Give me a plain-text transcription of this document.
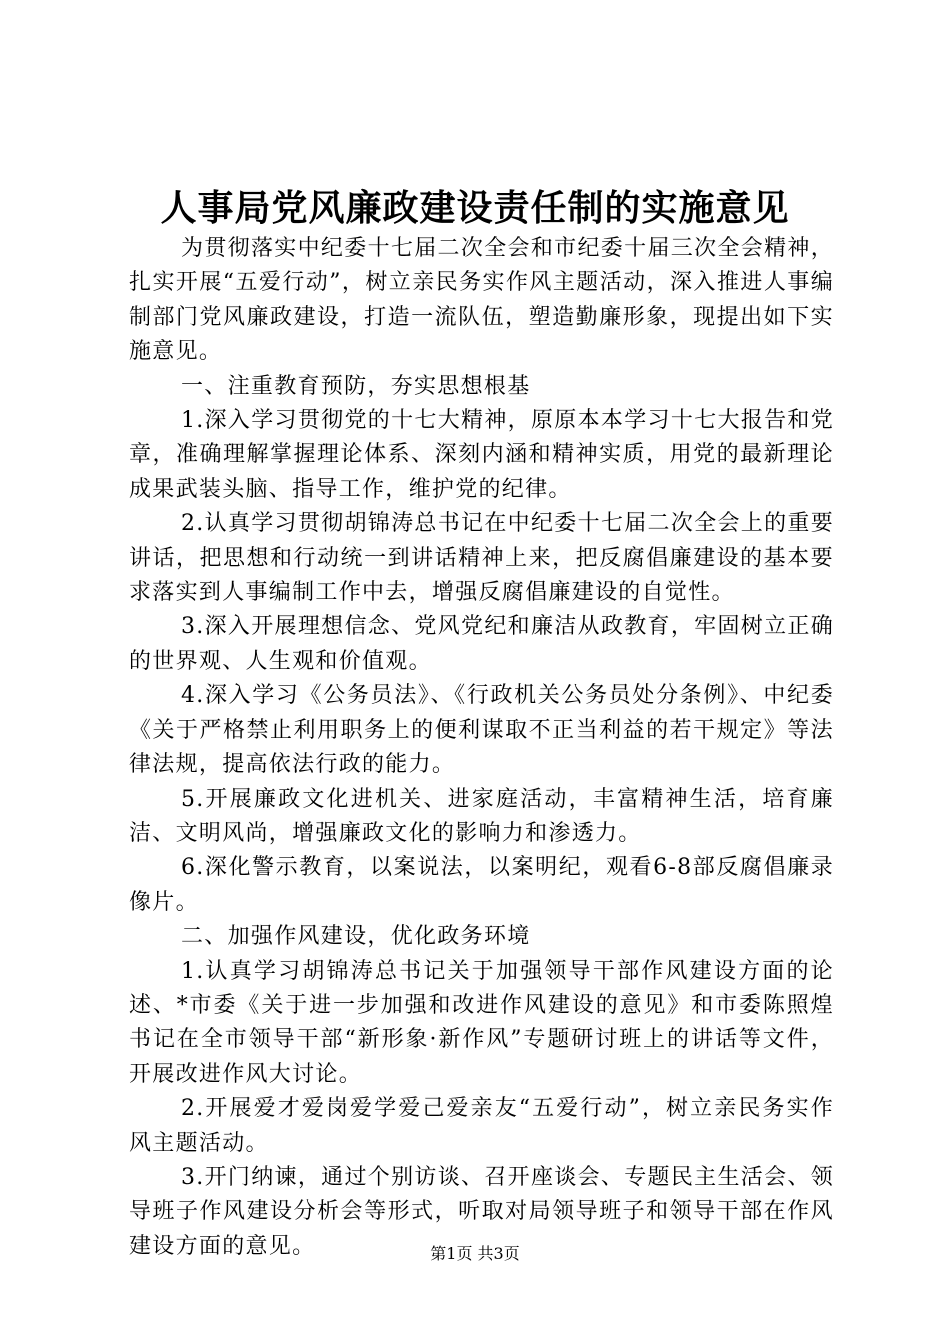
人事局党风廉政建设责任制的实施意见

为贯彻落实中纪委十七届二次全会和市纪委十届三次全会精神，扎实开展“五爱行动”，树立亲民务实作风主题活动，深入推进人事编制部门党风廉政建设，打造一流队伍，塑造勤廉形象，现提出如下实施意见。

一、注重教育预防，夯实思想根基

1.深入学习贯彻党的十七大精神，原原本本学习十七大报告和党章，准确理解掌握理论体系、深刻内涵和精神实质，用党的最新理论成果武装头脑、指导工作，维护党的纪律。

2.认真学习贯彻胡锦涛总书记在中纪委十七届二次全会上的重要讲话，把思想和行动统一到讲话精神上来，把反腐倡廉建设的基本要求落实到人事编制工作中去，增强反腐倡廉建设的自觉性。

3.深入开展理想信念、党风党纪和廉洁从政教育，牢固树立正确的世界观、人生观和价值观。

4.深入学习《公务员法》、《行政机关公务员处分条例》、中纪委《关于严格禁止利用职务上的便利谋取不正当利益的若干规定》等法律法规，提高依法行政的能力。

5.开展廉政文化进机关、进家庭活动，丰富精神生活，培育廉洁、文明风尚，增强廉政文化的影响力和渗透力。

6.深化警示教育，以案说法，以案明纪，观看6-8部反腐倡廉录像片。

二、加强作风建设，优化政务环境

1.认真学习胡锦涛总书记关于加强领导干部作风建设方面的论述、*市委《关于进一步加强和改进作风建设的意见》和市委陈照煌书记在全市领导干部“新形象·新作风”专题研讨班上的讲话等文件，开展改进作风大讨论。

2.开展爱才爱岗爱学爱己爱亲友“五爱行动”，树立亲民务实作风主题活动。

3.开门纳谏，通过个别访谈、召开座谈会、专题民主生活会、领导班子作风建设分析会等形式，听取对局领导班子和领导干部在作风建设方面的意见。	第1页 共3页
